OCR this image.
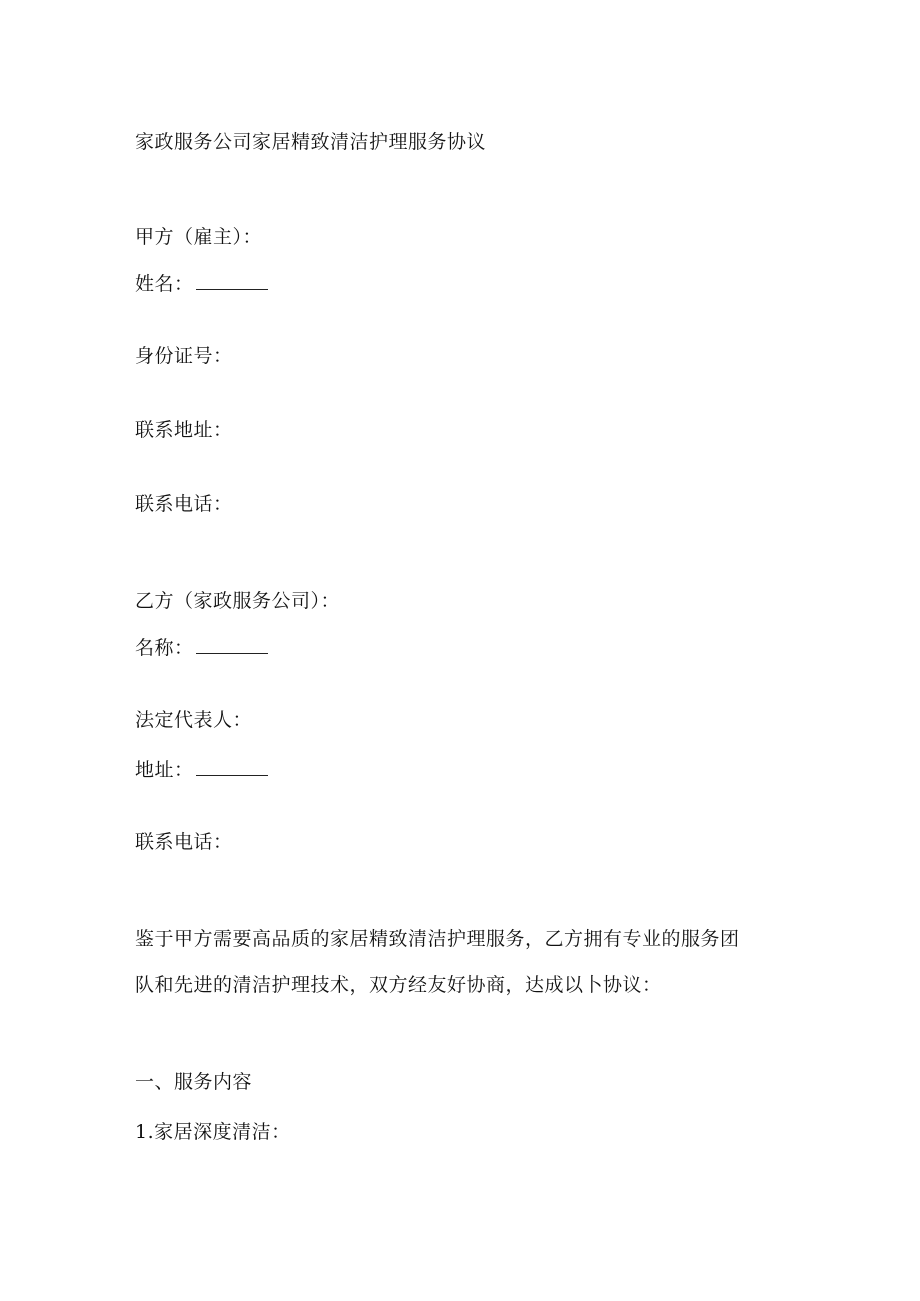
家政服务公司家居精致清洁护理服务协议
甲方（雇主）：
姓名：
身份证号：
联系地址：
联系电话：
乙方（家政服务公司）：
名称：
法定代表人：
地址：
联系电话：
鉴于甲方需要高品质的家居精致清洁护理服务，乙方拥有专业的服务团
队和先进的清洁护理技术，双方经友好协商，达成以卜协议：
一、服务内容
1.家居深度清洁：
